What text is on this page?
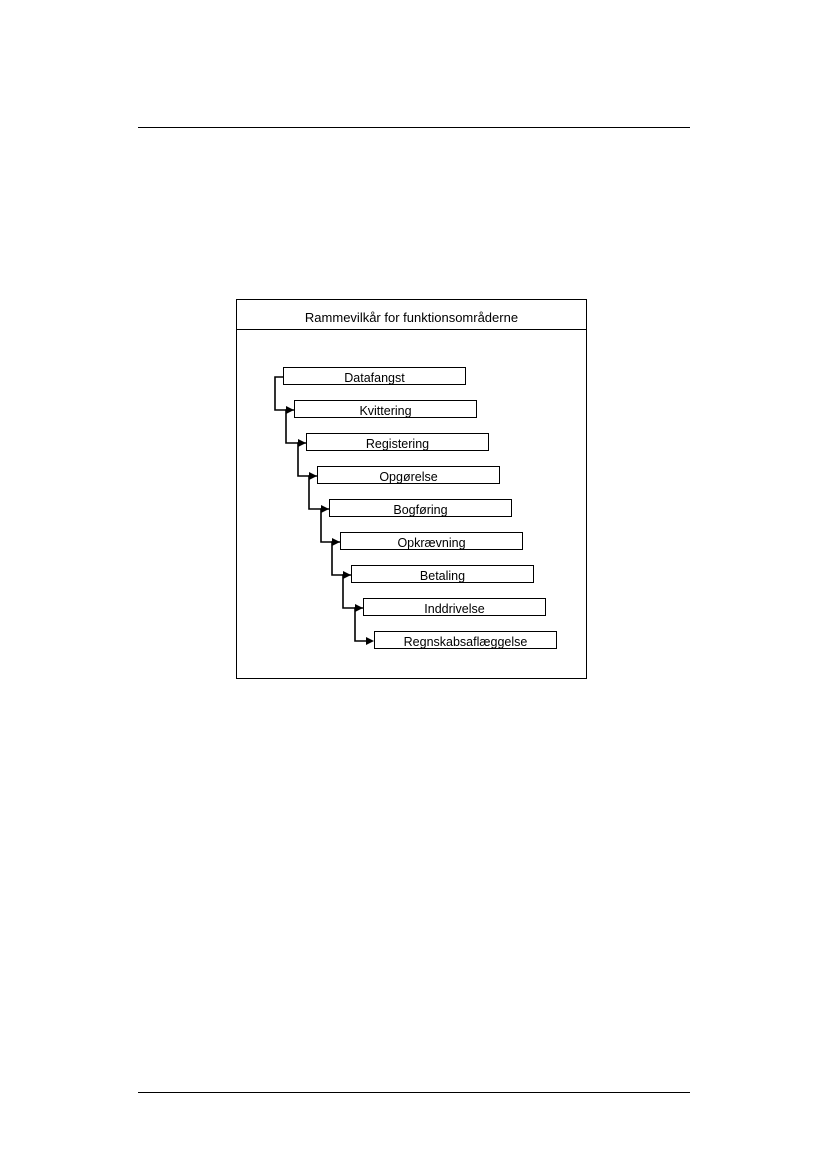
Rammevilkår for funktionsområderne
Datafangst
Kvittering
Registering
Opgørelse
Bogføring
Opkrævning
Betaling
Inddrivelse
Regnskabsaflæggelse
